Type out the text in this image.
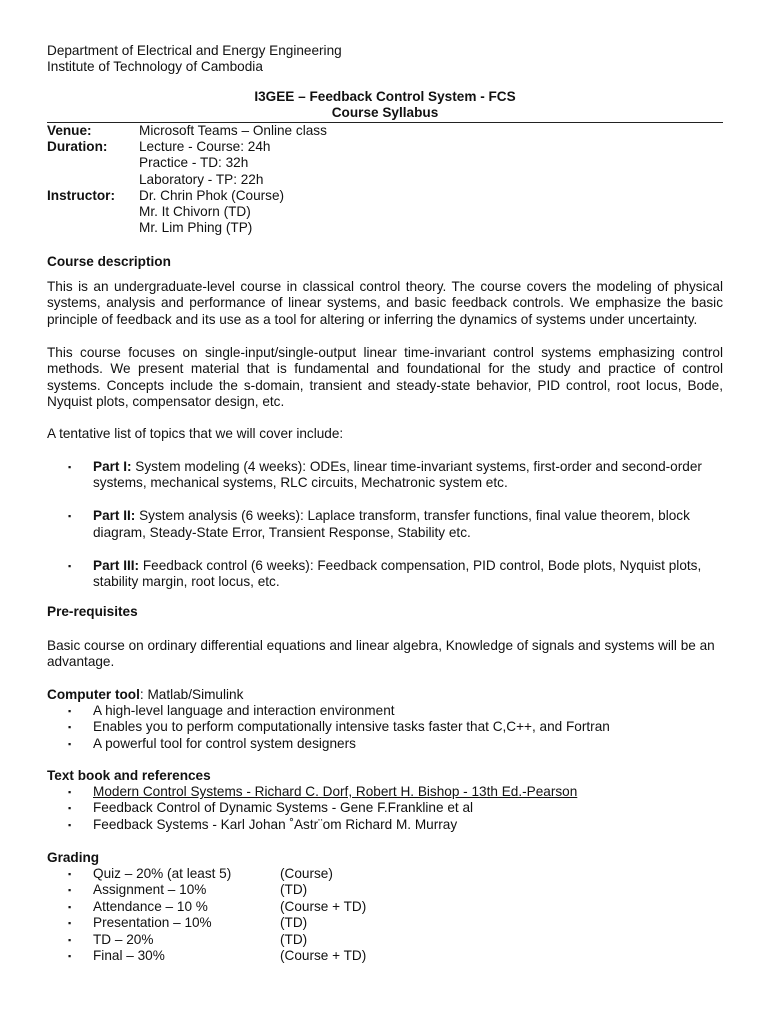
Department of Electrical and Energy Engineering
Institute of Technology of Cambodia
I3GEE – Feedback Control System - FCS
Course Syllabus
Venue:	Microsoft Teams – Online class
Duration:	Lecture - Course: 24h
Practice - TD: 32h
Laboratory - TP: 22h
Instructor:	Dr. Chrin Phok (Course)
Mr. It Chivorn (TD)
Mr. Lim Phing (TP)
Course description
This is an undergraduate-level course in classical control theory. The course covers the modeling of physical systems, analysis and performance of linear systems, and basic feedback controls. We emphasize the basic principle of feedback and its use as a tool for altering or inferring the dynamics of systems under uncertainty.
This course focuses on single-input/single-output linear time-invariant control systems emphasizing control methods. We present material that is fundamental and foundational for the study and practice of control systems. Concepts include the s-domain, transient and steady-state behavior, PID control, root locus, Bode, Nyquist plots, compensator design, etc.
A tentative list of topics that we will cover include:
▪	Part I: System modeling (4 weeks): ODEs, linear time-invariant systems, first-order and second-order systems, mechanical systems, RLC circuits, Mechatronic system etc.
▪	Part II: System analysis (6 weeks): Laplace transform, transfer functions, final value theorem, block diagram, Steady-State Error, Transient Response, Stability etc.
▪	Part III: Feedback control (6 weeks): Feedback compensation, PID control, Bode plots, Nyquist plots, stability margin, root locus, etc.
Pre-requisites
Basic course on ordinary differential equations and linear algebra, Knowledge of signals and systems will be an advantage.
Computer tool: Matlab/Simulink
▪	A high-level language and interaction environment
▪	Enables you to perform computationally intensive tasks faster that C,C++, and Fortran
▪	A powerful tool for control system designers
Text book and references
▪	Modern Control Systems - Richard C. Dorf, Robert H. Bishop - 13th Ed.-Pearson
▪	Feedback Control of Dynamic Systems - Gene F.Frankline et al
▪	Feedback Systems - Karl Johan ˚Astr¨om Richard M. Murray
Grading
▪	Quiz – 20% (at least 5)	(Course)
▪	Assignment – 10%	(TD)
▪	Attendance – 10 %	(Course + TD)
▪	Presentation – 10%	(TD)
▪	TD – 20%	(TD)
▪	Final – 30%	(Course + TD)
